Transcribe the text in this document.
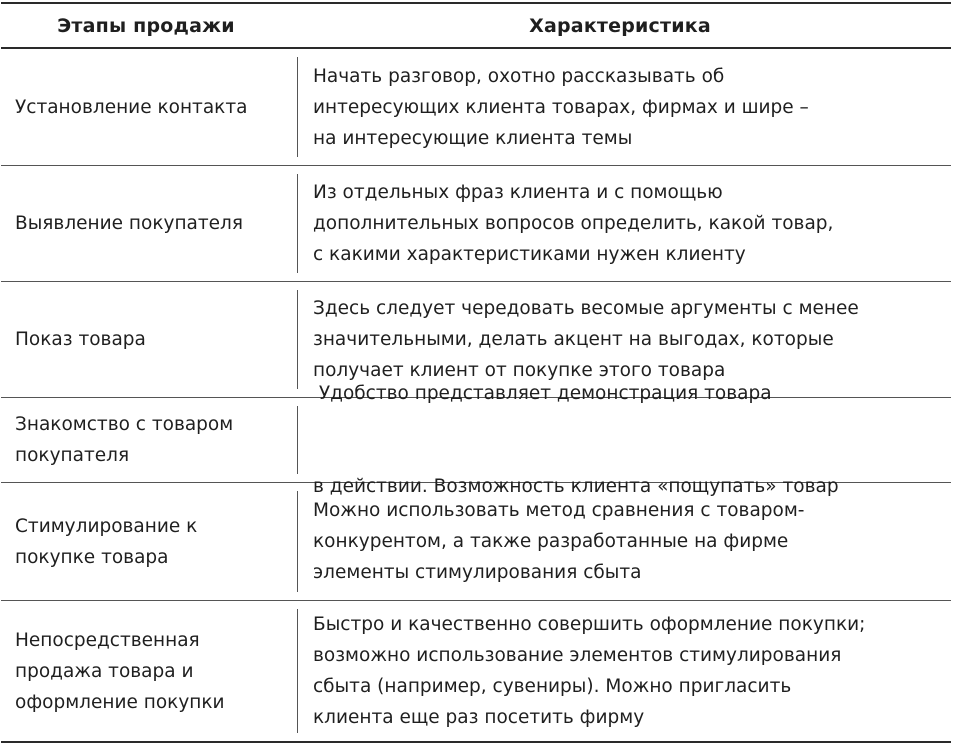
Этапы продажи	Характеристика
Установление контакта
Начать разговор, охотно рассказывать об
интересующих клиента товарах, фирмах и шире –
на интересующие клиента темы
Выявление покупателя
Из отдельных фраз клиента и с помощью
дополнительных вопросов определить, какой товар,
с какими характеристиками нужен клиенту
Показ товара
Здесь следует чередовать весомые аргументы с менее
значительными, делать акцент на выгодах, которые
получает клиент от покупке этого товара
Знакомство с товаром
покупателя

Удобство представляет демонстрация товара

в действии. Возможность клиента «пощупать» товар

Стимулирование к
покупке товара
Можно использовать метод сравнения с товаром-
конкурентом, а также разработанные на фирме
элементы стимулирования сбыта
Непосредственная
продажа товара и
оформление покупки
Быстро и качественно совершить оформление покупки;
возможно использование элементов стимулирования
сбыта (например, сувениры). Можно пригласить
клиента еще раз посетить фирму
